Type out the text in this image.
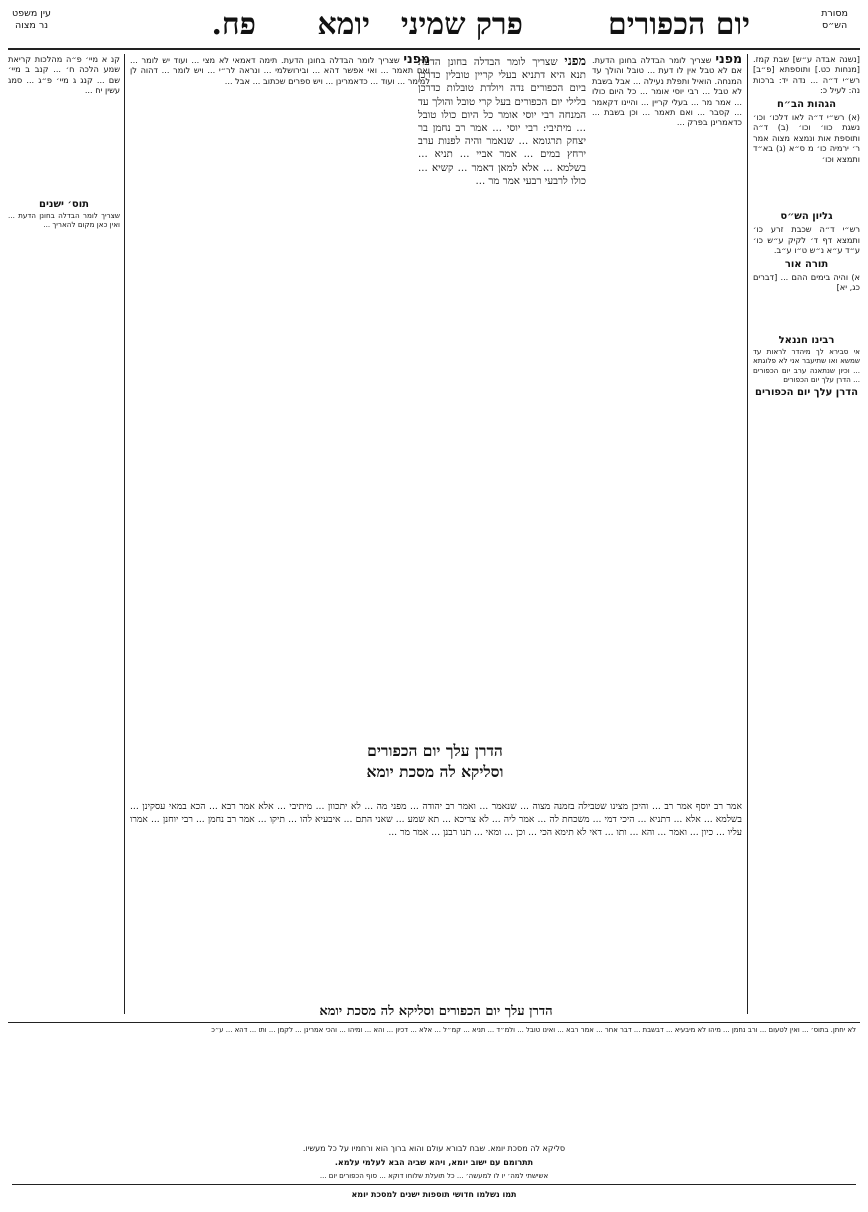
מסורת
הש״ס
יום הכפורים
פרק שמיני
יומא
פח.
עין משפט
נר מצוה

[נשנה אבדה ע״ש] שבת קמז. [מנחות כט.] ותוספתא [פ״ב] רש״י ד״ה ... נדה יד: ברכות נה: לעיל כ:

הגהות הב״ח

(א) רש״י ד״ה לאו דלכו׳ וכו׳ נשגת כוו׳ וכו׳ (ב) ד״ה ותוספת אות ונמצא מצוה אמר ר׳ ירמיה כו׳ מ ס״א (ג) בא״ד ותמצא וכו׳

גליון הש״ס

רש״י ד״ה שכבת זרע כו׳ ותמצא דף ד׳ לקיק ע״ש כו׳ ע״ד ע״א נ״ש ט״ו ע״ב.

תורה אור

א) והיה בימים ההם ... [דברים כג, יא]

רבינו חננאל

אי סבירא לך מיהדר לראות עד שמשא ואו שתיעבר אני לא פלוגתא ... וכיון שנתאנה ערב יום הכפורים ... הדרן עלך יום הכפורים

הדרן עלך יום הכפורים

קנ א מיי׳ פ״ה מהלכות קריאת שמע הלכה ח׳ ... קנב ב מיי׳ שם ... קנג ג מיי׳ פ״ג ... סמג עשין יח ...

תוס׳ ישנים

שצריך לומר הבדלה בחונן הדעת ... ואין כאן מקום להאריך ...

מפני שצריך לומר הבדלה בחונן הדעת. אם לא טבל אין לו דעת ... טובל והולך עד המנחה. הואיל ותפלת נעילה ... אבל בשבת לא טבל ... רבי יוסי אומר ... כל היום כולו ... אמר מר ... בעלי קריין ... והיינו דקאמר ... קסבר ... ואם תאמר ... וכן בשבת ... כדאמרינן בפרק ...

מפני שצריך לומר הבדלה בחונן הדעת תנא היא דתניא בעלי קריין טובלין כדרכן ביום הכפורים נדה ויולדת טובלות כדרכן בלילי יום הכפורים בעל קרי טובל והולך עד המנחה רבי יוסי אומר כל היום כולו טובל ... מיתיבי: רבי יוסי ... אמר רב נחמן בר יצחק תרגומא ... שנאמר והיה לפנות ערב ירחץ במים ... אמר אביי ... תניא ... בשלמא ... אלא למאן דאמר ... קשיא ... כולו לרבעי רבעי אמר מר ...

מפני שצריך לומר הבדלה בחונן הדעת. תימה דאמאי לא מצי ... ועוד יש לומר ... ואם תאמר ... ואי אפשר דהא ... ובירושלמי ... ונראה לר״י ... ויש לומר ... דהוה לן למימר ... ועוד ... כדאמרינן ... ויש ספרים שכתוב ... אבל ...

הדרן עלך יום הכפורים
וסליקא לה מסכת יומא

אמר רב יוסף אמר רב ... והיכן מצינו שטבילה בזמנה מצוה ... שנאמר ... ואמר רב יהודה ... מפני מה ... לא יתכוון ... מיתיבי ... אלא אמר רבא ... הכא במאי עסקינן ... בשלמא ... אלא ... דתניא ... היכי דמי ... משכחת לה ... אמר ליה ... לא צריכא ... תא שמע ... שאני התם ... איבעיא להו ... תיקו ... אמר רב נחמן ... רבי יוחנן ... אמרו עליו ... כיון ... ואמר ... והא ... ותו ... דאי לא תימא הכי ... וכן ... ומאי ... תנו רבנן ... אמר מר ...

הדרן עלך יום הכפורים וסליקא לה מסכת יומא

לא יחתן. בתוס׳ ... ואין לטעום ... ורב נחמן ... מיהו לא מיבעיא ... דבשבת ... דבר אחר ... אמר רבא ... ואינו טובל ... ולמ״ד ... תניא ... קמ״ל ... אלא ... דכיון ... והא ... ומיהו ... והכי אמרינן ... לקמן ... ותו ... דהא ... ע״כ

סליקא לה מסכת יומא. שבח לבורא עולם והוא ברוך הוא ורחמיו על כל מעשיו.
תתרומם עם ישוב יומא, ויהא שביה הבא לעלמי עלמא.
אשישתי למה׳ יו לו למעשה׳ ... כל תועלת שלוחו דוקא ... סוף הכפורים יום ...
תמו נשלמו חדושי תוספות ישנים למסכת יומא
